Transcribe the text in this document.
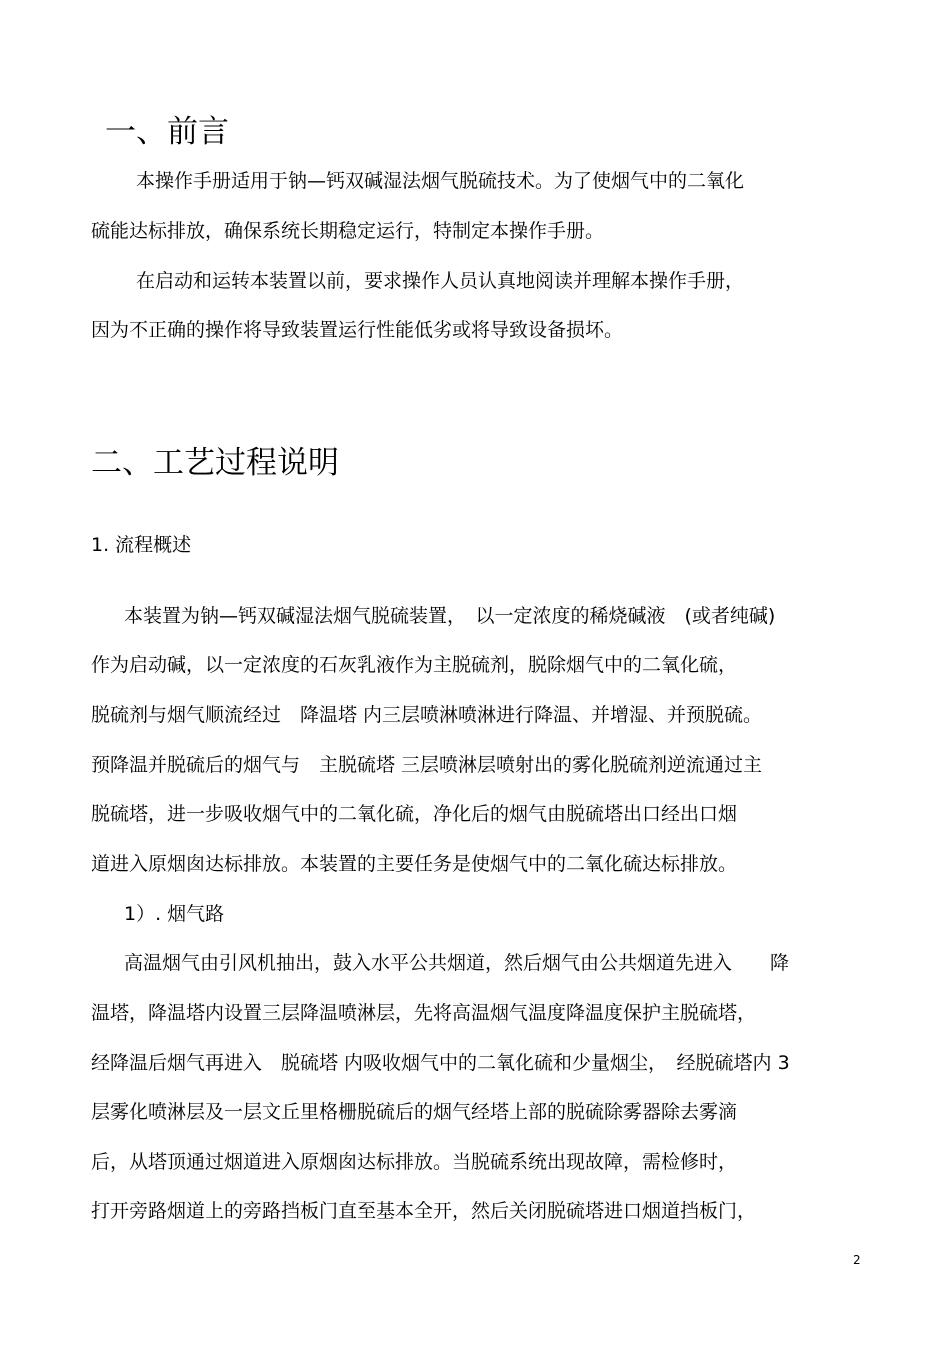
一、前言
本操作手册适用于钠—钙双碱湿法烟气脱硫技术。为了使烟气中的二氧化
硫能达标排放，确保系统长期稳定运行，特制定本操作手册。
在启动和运转本装置以前，要求操作人员认真地阅读并理解本操作手册，
因为不正确的操作将导致装置运行性能低劣或将导致设备损坏。
二、工艺过程说明
1. 流程概述
本装置为钠—钙双碱湿法烟气脱硫装置，　以一定浓度的稀烧碱液　(或者纯碱)
作为启动碱，以一定浓度的石灰乳液作为主脱硫剂，脱除烟气中的二氧化硫，
脱硫剂与烟气顺流经过　降温塔 内三层喷淋喷淋进行降温、并增湿、并预脱硫。
预降温并脱硫后的烟气与　主脱硫塔 三层喷淋层喷射出的雾化脱硫剂逆流通过主
脱硫塔，进一步吸收烟气中的二氧化硫，净化后的烟气由脱硫塔出口经出口烟
道进入原烟囱达标排放。本装置的主要任务是使烟气中的二氧化硫达标排放。
1）. 烟气路
高温烟气由引风机抽出，鼓入水平公共烟道，然后烟气由公共烟道先进入　　降
温塔，降温塔内设置三层降温喷淋层，先将高温烟气温度降温度保护主脱硫塔，
经降温后烟气再进入　脱硫塔 内吸收烟气中的二氧化硫和少量烟尘，　经脱硫塔内 3
层雾化喷淋层及一层文丘里格栅脱硫后的烟气经塔上部的脱硫除雾器除去雾滴
后，从塔顶通过烟道进入原烟囱达标排放。当脱硫系统出现故障，需检修时，
打开旁路烟道上的旁路挡板门直至基本全开，然后关闭脱硫塔进口烟道挡板门，
2
